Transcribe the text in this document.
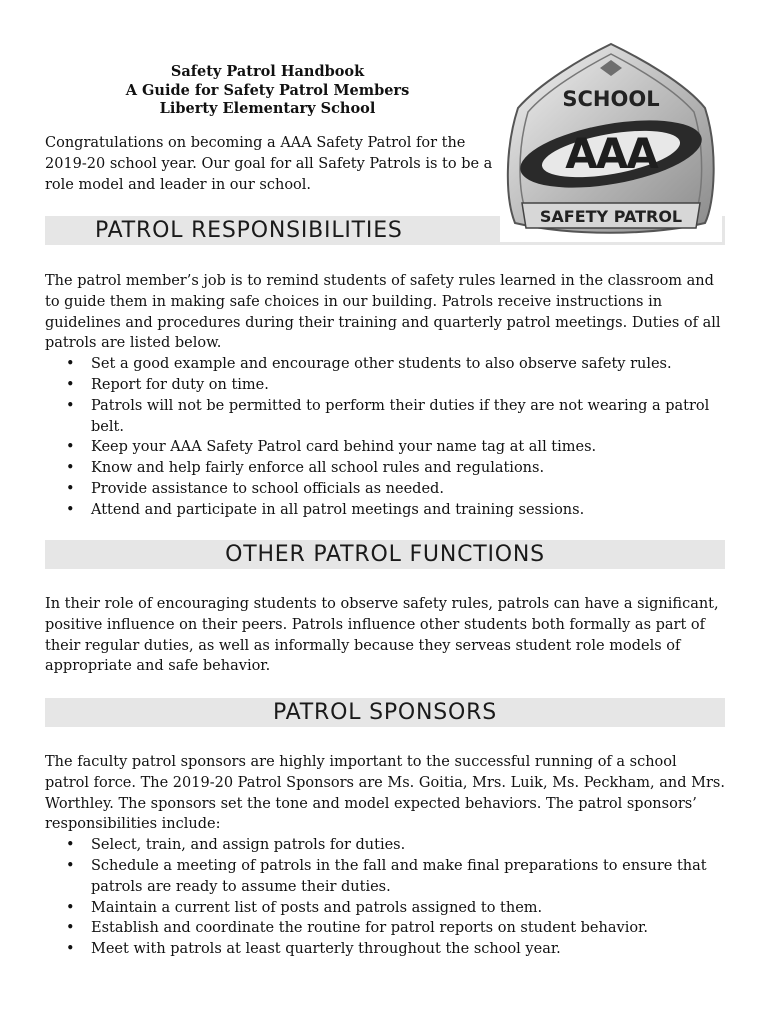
Safety Patrol Handbook
A Guide for Safety Patrol Members
Liberty Elementary School
Congratulations on becoming a AAA Safety Patrol for the 2019-20 school year. Our goal for all Safety Patrols is to be a role model and leader in our school.
PATROL RESPONSIBILITIES
SCHOOL
AAA
SAFETY PATROL
The patrol member’s job is to remind students of safety rules learned in the classroom and to guide them in making safe choices in our building. Patrols receive instructions in guidelines and procedures during their training and quarterly patrol meetings. Duties of all patrols are listed below.
• Set a good example and encourage other students to also observe safety rules.
• Report for duty on time.
• Patrols will not be permitted to perform their duties if they are not wearing a patrol belt.
• Keep your AAA Safety Patrol card behind your name tag at all times.
• Know and help fairly enforce all school rules and regulations.
• Provide assistance to school officials as needed.
• Attend and participate in all patrol meetings and training sessions.
OTHER PATROL FUNCTIONS
In their role of encouraging students to observe safety rules, patrols can have a significant, positive influence on their peers. Patrols influence other students both formally as part of their regular duties, as well as informally because they serveas student role models of appropriate and safe behavior.
PATROL SPONSORS
The faculty patrol sponsors are highly important to the successful running of a school patrol force. The 2019-20 Patrol Sponsors are Ms. Goitia, Mrs. Luik, Ms. Peckham, and Mrs. Worthley. The sponsors set the tone and model expected behaviors. The patrol sponsors’ responsibilities include:
• Select, train, and assign patrols for duties.
• Schedule a meeting of patrols in the fall and make final preparations to ensure that patrols are ready to assume their duties.
• Maintain a current list of posts and patrols assigned to them.
• Establish and coordinate the routine for patrol reports on student behavior.
• Meet with patrols at least quarterly throughout the school year.
